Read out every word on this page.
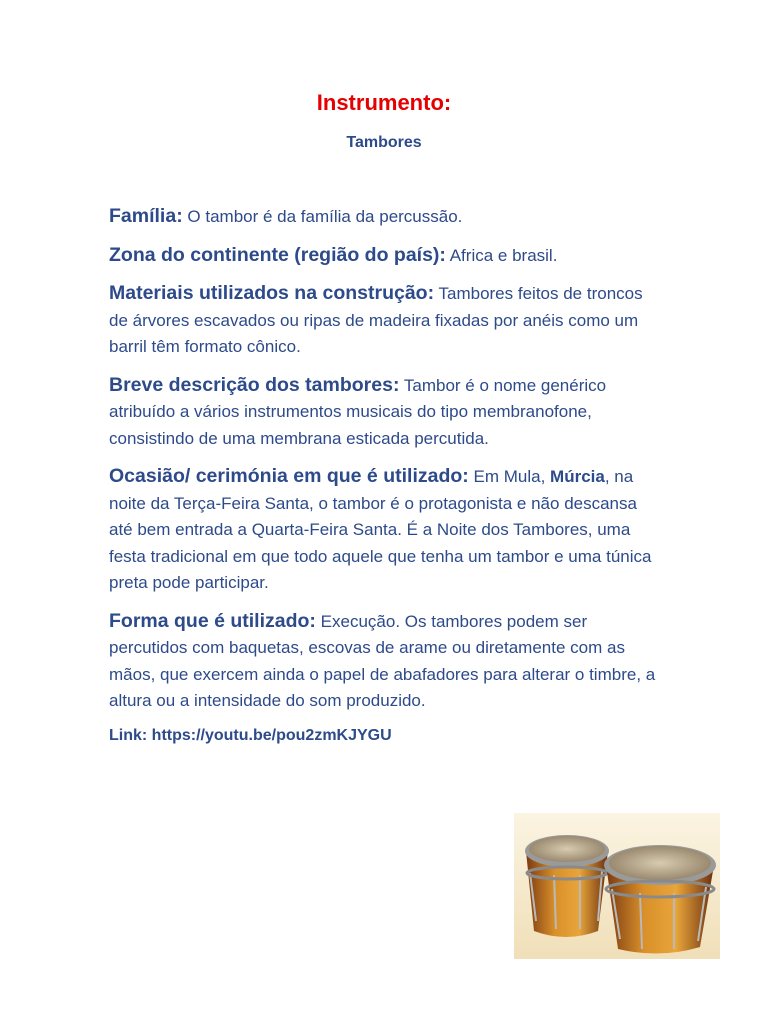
Instrumento:
Tambores

Família: O tambor é da família da percussão.

Zona do continente (região do país): Africa e brasil.

Materiais utilizados na construção: Tambores feitos de troncos de árvores escavados ou ripas de madeira fixadas por anéis como um barril têm formato cônico.

Breve descrição dos tambores: Tambor é o nome genérico atribuído a vários instrumentos musicais do tipo membranofone, consistindo de uma membrana esticada percutida.

Ocasião/ cerimónia em que é utilizado: Em Mula, Múrcia, na noite da Terça-Feira Santa, o tambor é o protagonista e não descansa até bem entrada a Quarta-Feira Santa. É a Noite dos Tambores, uma festa tradicional em que todo aquele que tenha um tambor e uma túnica preta pode participar.

Forma que é utilizado: Execução. Os tambores podem ser percutidos com baquetas, escovas de arame ou diretamente com as mãos, que exercem ainda o papel de abafadores para alterar o timbre, a altura ou a intensidade do som produzido.

Link: https://youtu.be/pou2zmKJYGU
